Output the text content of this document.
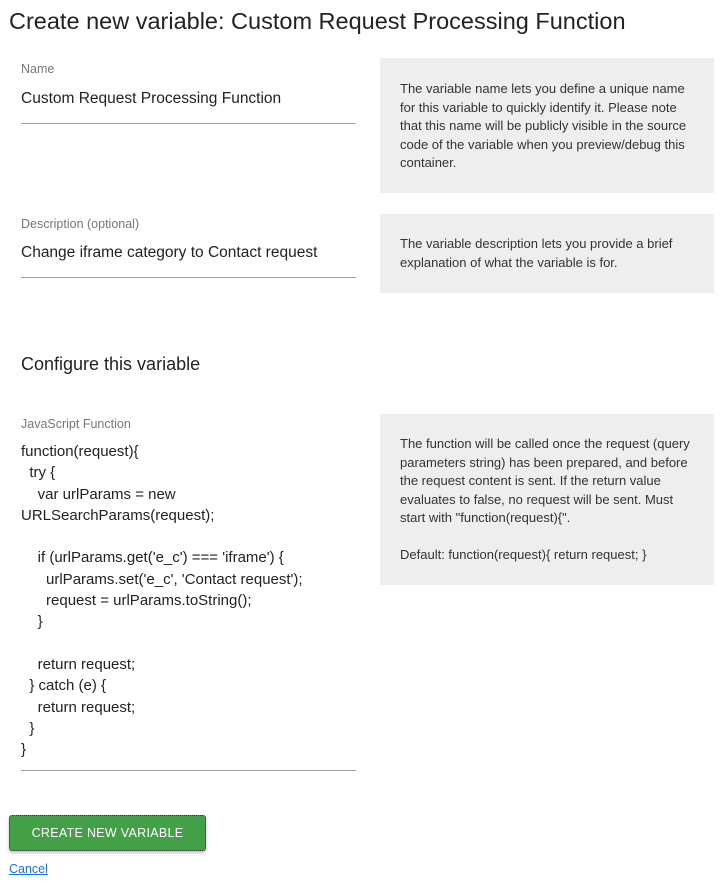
Create new variable: Custom Request Processing Function
Name
Custom Request Processing Function
The variable name lets you define a unique name for this variable to quickly identify it. Please note that this name will be publicly visible in the source code of the variable when you preview/debug this container.
Description (optional)
Change iframe category to Contact request
The variable description lets you provide a brief explanation of what the variable is for.
Configure this variable
JavaScript Function
function(request){
try {
var urlParams = new URLSearchParams(request);

if (urlParams.get('e_c') === 'iframe') {
urlParams.set('e_c', 'Contact request');
request = urlParams.toString();
}

return request;
} catch (e) {
return request;
}
}
The function will be called once the request (query parameters string) has been prepared, and before the request content is sent. If the return value evaluates to false, no request will be sent. Must start with "function(request){".
Default: function(request){ return request; }
CREATE NEW VARIABLE
Cancel
